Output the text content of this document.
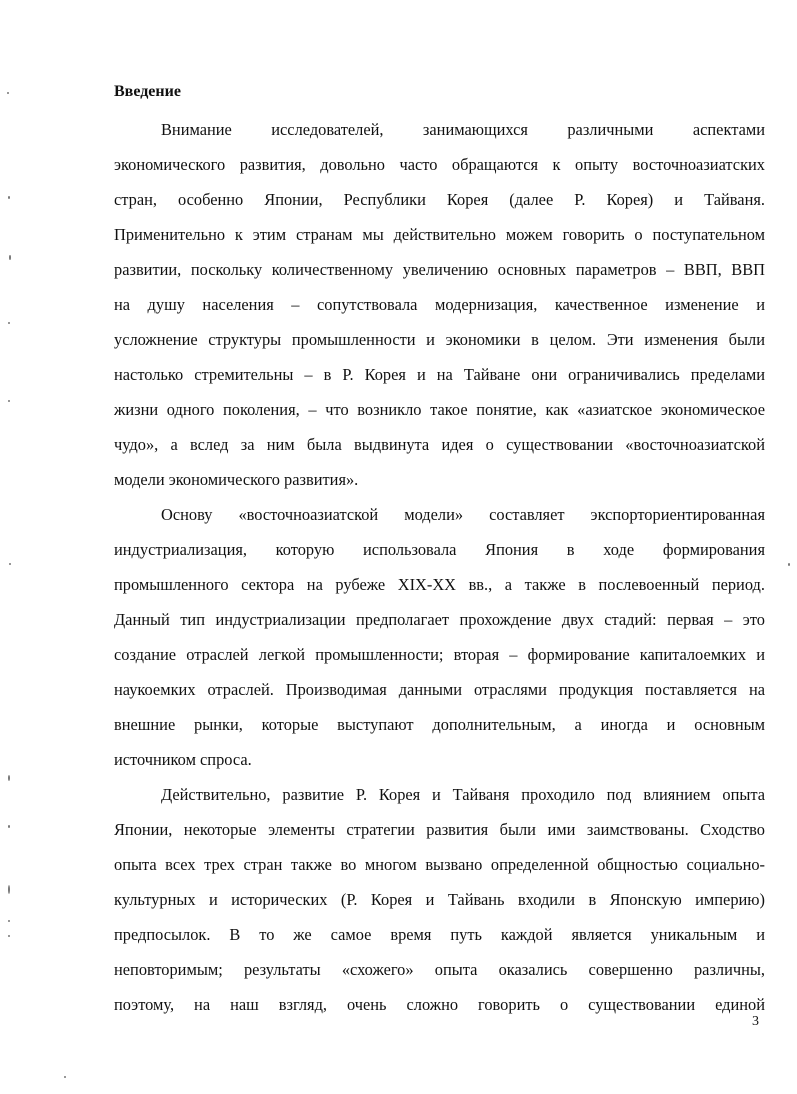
Введение

Внимание исследователей, занимающихся различными аспектами
экономического развития, довольно часто обращаются к опыту восточноазиатских
стран, особенно Японии, Республики Корея (далее Р. Корея) и Тайваня.
Применительно к этим странам мы действительно можем говорить о поступательном
развитии, поскольку количественному увеличению основных параметров – ВВП, ВВП
на душу населения – сопутствовала модернизация, качественное изменение и
усложнение структуры промышленности и экономики в целом. Эти изменения были
настолько стремительны – в Р. Корея и на Тайване они ограничивались пределами
жизни одного поколения, – что возникло такое понятие, как «азиатское экономическое
чудо», а вслед за ним была выдвинута идея о существовании «восточноазиатской
модели экономического развития».

Основу «восточноазиатской модели» составляет экспорториентированная
индустриализация, которую использовала Япония в ходе формирования
промышленного сектора на рубеже XIX-XX вв., а также в послевоенный период.
Данный тип индустриализации предполагает прохождение двух стадий: первая – это
создание отраслей легкой промышленности; вторая – формирование капиталоемких и
наукоемких отраслей. Производимая данными отраслями продукция поставляется на
внешние рынки, которые выступают дополнительным, а иногда и основным
источником спроса.

Действительно, развитие Р. Корея и Тайваня проходило под влиянием опыта
Японии, некоторые элементы стратегии развития были ими заимствованы. Сходство
опыта всех трех стран также во многом вызвано определенной общностью социально-
культурных и исторических (Р. Корея и Тайвань входили в Японскую империю)
предпосылок. В то же самое время путь каждой является уникальным и
неповторимым; результаты «схожего» опыта оказались совершенно различны,
поэтому, на наш взгляд, очень сложно говорить о существовании единой

3
